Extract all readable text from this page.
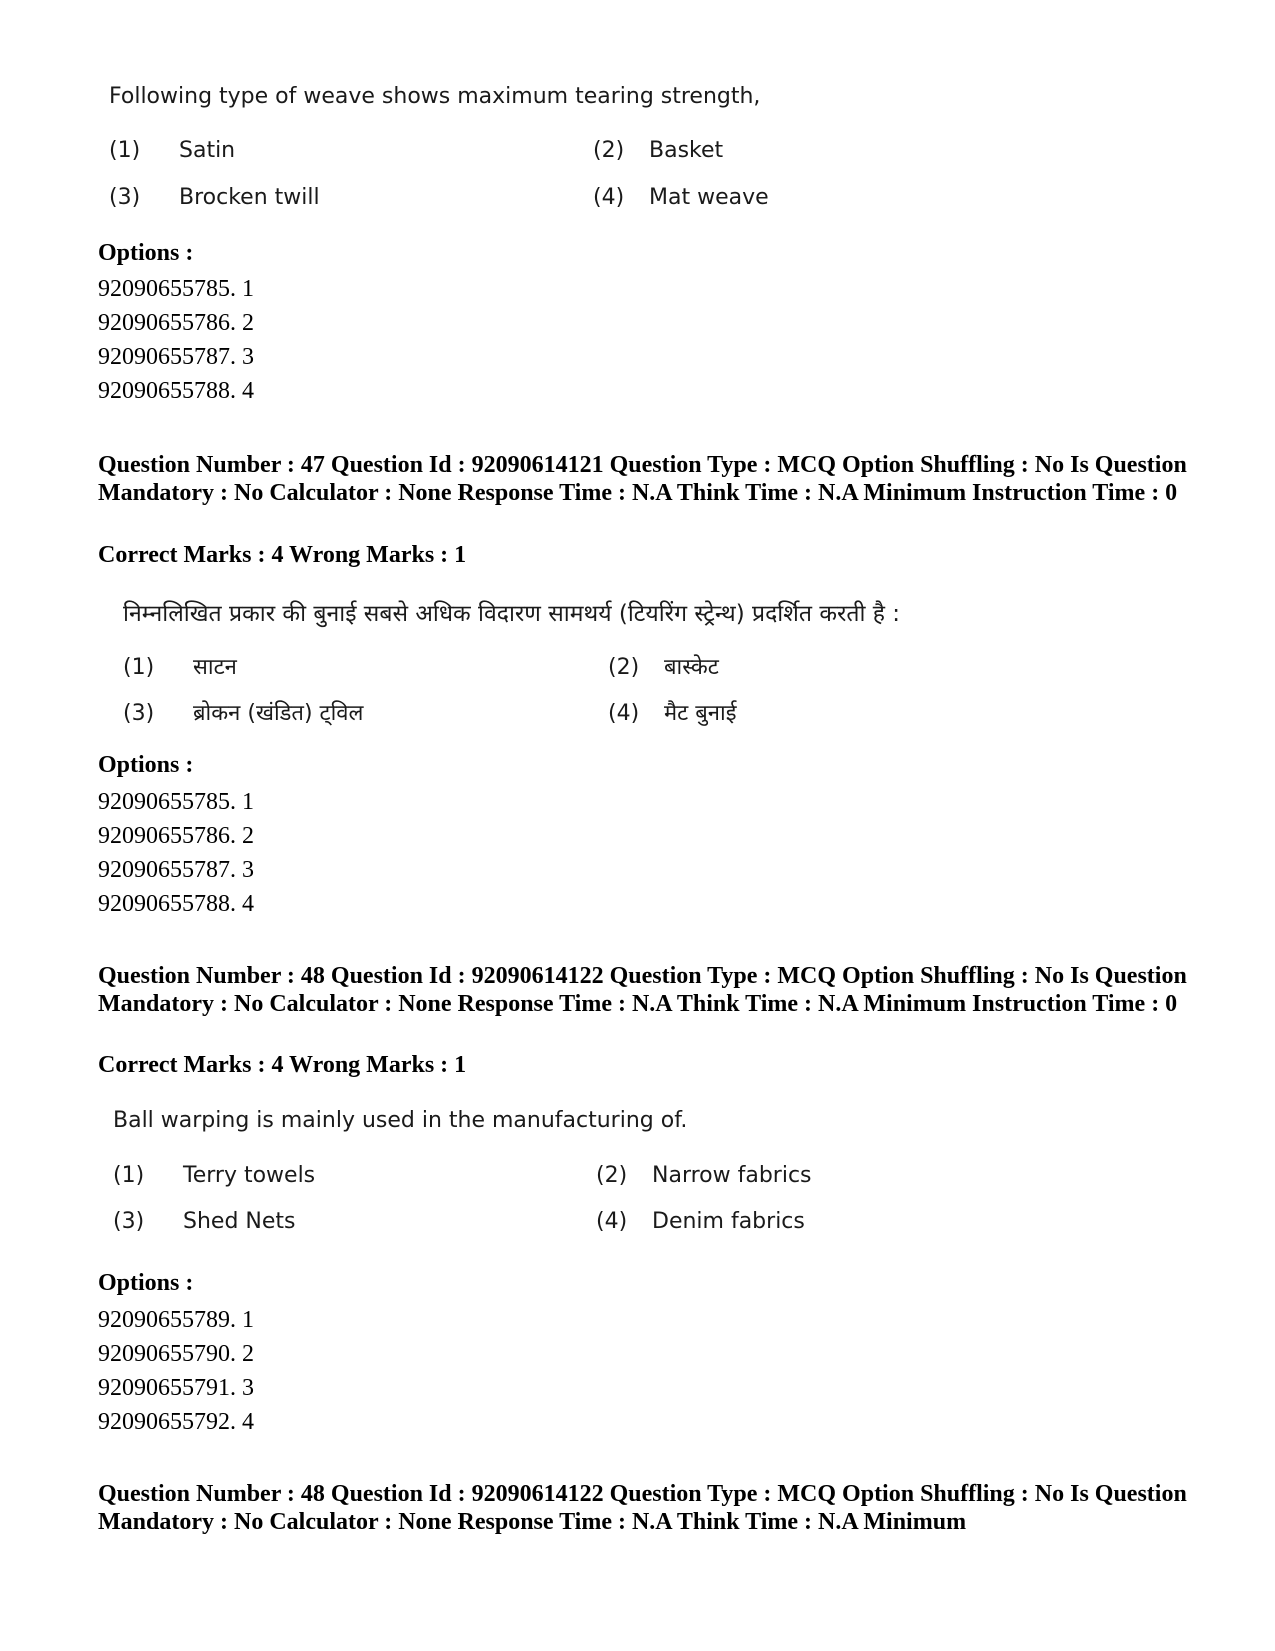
Following type of weave shows maximum tearing strength,
(1) Satin	(2) Basket
(3) Brocken twill	(4) Mat weave
Options :
92090655785. 1
92090655786. 2
92090655787. 3
92090655788. 4
Question Number : 47 Question Id : 92090614121 Question Type : MCQ Option Shuffling : No Is Question Mandatory : No Calculator : None Response Time : N.A Think Time : N.A Minimum Instruction Time : 0
Correct Marks : 4 Wrong Marks : 1
निम्नलिखित प्रकार की बुनाई सबसे अधिक विदारण सामथर्य (टियरिंग स्ट्रेन्थ) प्रदर्शित करती है :
(1) साटन	(2) बास्केट
(3) ब्रोकन (खंडित) ट्विल	(4) मैट बुनाई
Options :
92090655785. 1
92090655786. 2
92090655787. 3
92090655788. 4
Question Number : 48 Question Id : 92090614122 Question Type : MCQ Option Shuffling : No Is Question Mandatory : No Calculator : None Response Time : N.A Think Time : N.A Minimum Instruction Time : 0
Correct Marks : 4 Wrong Marks : 1
Ball warping is mainly used in the manufacturing of.
(1) Terry towels	(2) Narrow fabrics
(3) Shed Nets	(4) Denim fabrics
Options :
92090655789. 1
92090655790. 2
92090655791. 3
92090655792. 4
Question Number : 48 Question Id : 92090614122 Question Type : MCQ Option Shuffling : No Is Question Mandatory : No Calculator : None Response Time : N.A Think Time : N.A Minimum
